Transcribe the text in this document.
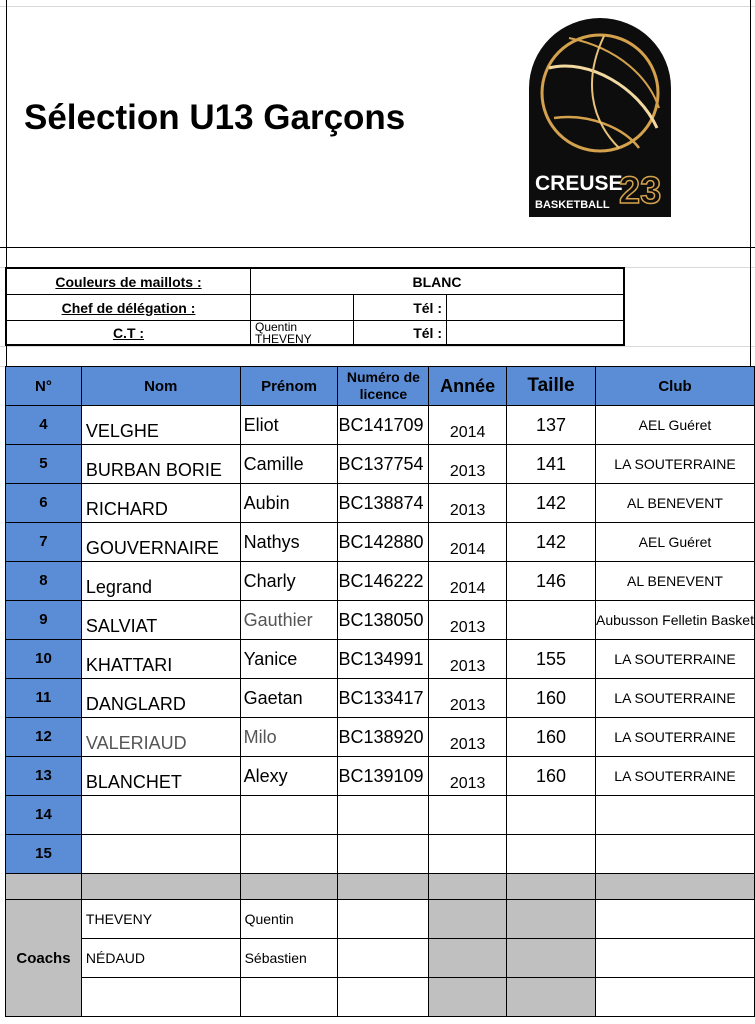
Sélection U13 Garçons
CREUSE
23
BASKETBALL
Couleurs de maillots :	BLANC
Chef de délégation :	Tél :
C.T :	Quentin THEVENY	Tél :
N°	Nom	Prénom	Numéro de licence	Année	Taille	Club
4	VELGHE	Eliot	BC141709	2014	137	AEL Guéret
5	BURBAN BORIE	Camille	BC137754	2013	141	LA SOUTERRAINE
6	RICHARD	Aubin	BC138874	2013	142	AL BENEVENT
7	GOUVERNAIRE	Nathys	BC142880	2014	142	AEL Guéret
8	Legrand	Charly	BC146222	2014	146	AL BENEVENT
9	SALVIAT	Gauthier	BC138050	2013		Aubusson Felletin Basket
10	KHATTARI	Yanice	BC134991	2013	155	LA SOUTERRAINE
11	DANGLARD	Gaetan	BC133417	2013	160	LA SOUTERRAINE
12	VALERIAUD	Milo	BC138920	2013	160	LA SOUTERRAINE
13	BLANCHET	Alexy	BC139109	2013	160	LA SOUTERRAINE
14						
15						

Coachs	THEVENY	Quentin				
	NÉDAUD	Sébastien				
